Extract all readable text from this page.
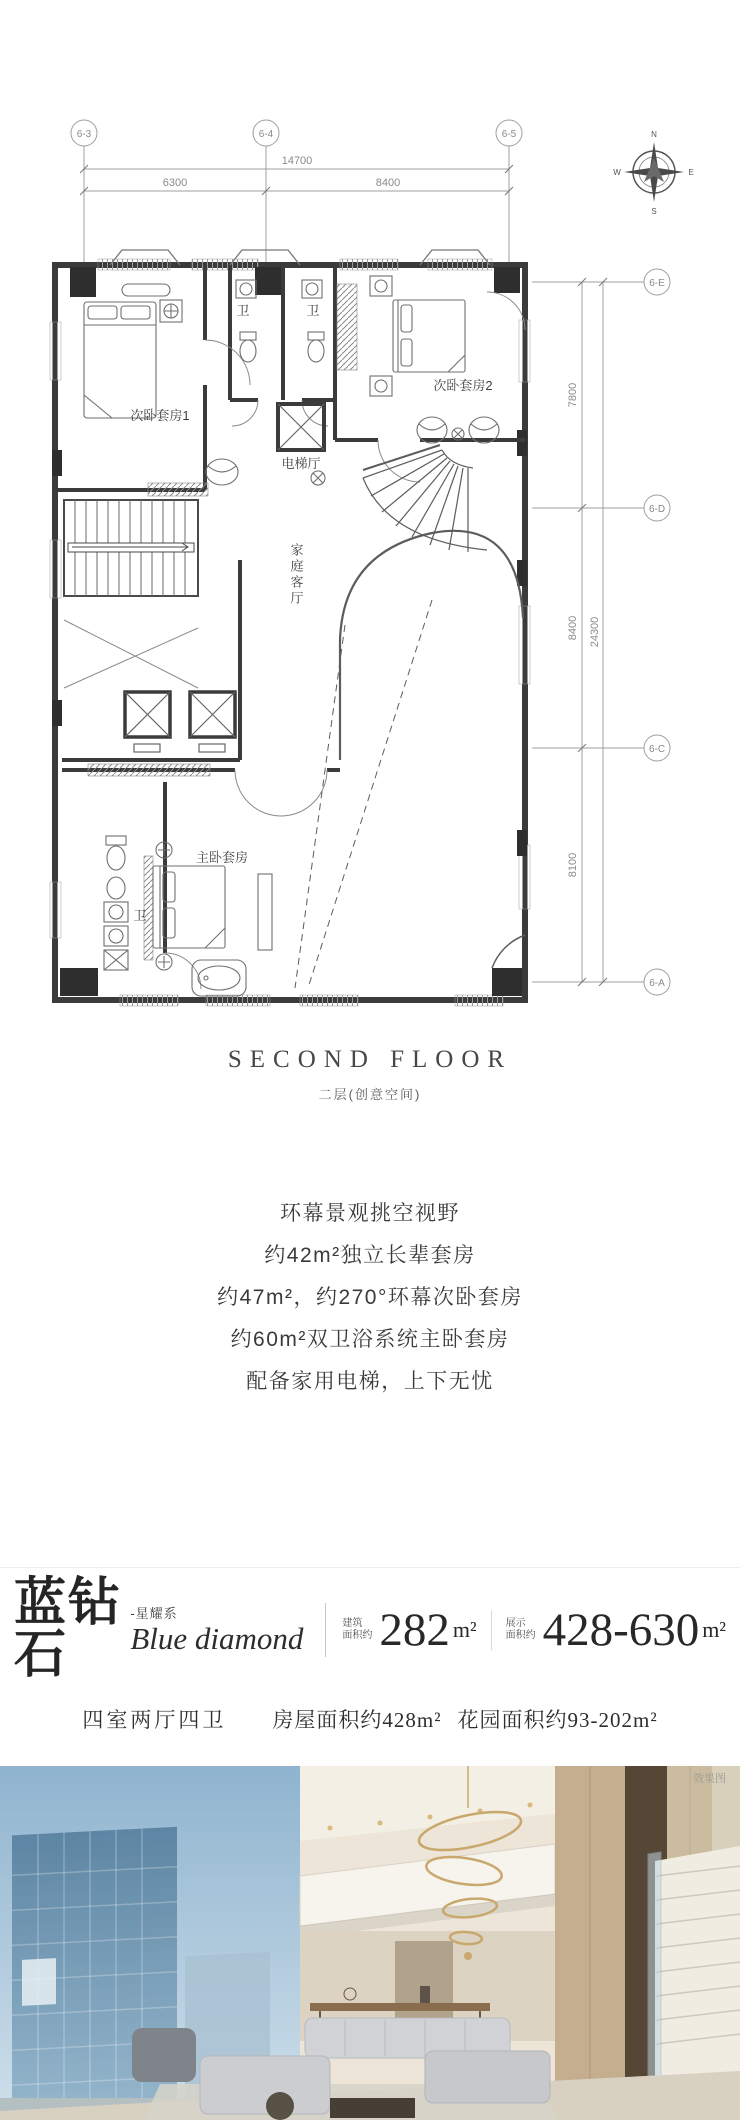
6-3	6-4	6-5
14700
6300	8400
N
E
S
W
6-E
6-D
6-C
6-A
7800
8400
8100
24300
次卧套房1
卫	卫
次卧套房2
电梯厅
家庭客厅
主卧套房
卫
SECOND FLOOR
二层(创意空间)

环幕景观挑空视野

约42m²独立长辈套房

约47m²，约270°环幕次卧套房

约60m²双卫浴系统主卧套房

配备家用电梯，上下无忧

蓝钻石
-星耀系
Blue diamond	建筑
面积约 282 m²	展示
面积约 428-630 m²
四室两厅四卫 房屋面积约428m² 花园面积约93-202m²
效果图
